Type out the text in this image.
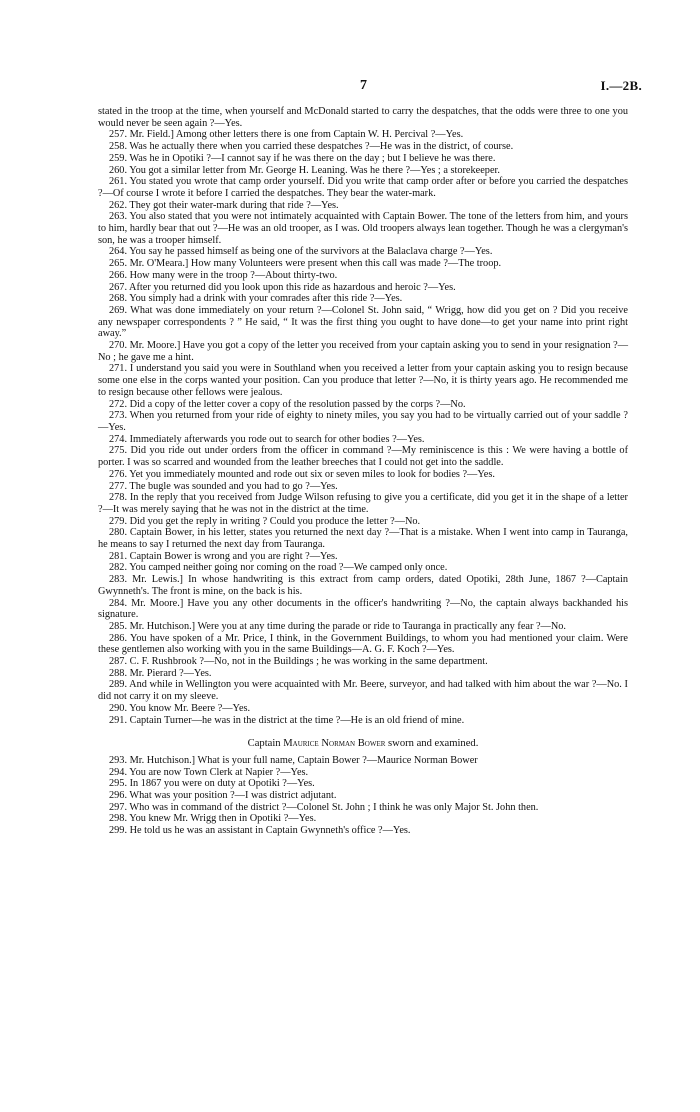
7	I.—2B.

stated in the troop at the time, when yourself and McDonald started to carry the despatches, that the odds were three to one you would never be seen again ?—Yes.

257. Mr. Field.] Among other letters there is one from Captain W. H. Percival ?—Yes.

258. Was he actually there when you carried these despatches ?—He was in the district, of course.

259. Was he in Opotiki ?—I cannot say if he was there on the day ; but I believe he was there.

260. You got a similar letter from Mr. George H. Leaning. Was he there ?—Yes ; a storekeeper.

261. You stated you wrote that camp order yourself. Did you write that camp order after or before you carried the despatches ?—Of course I wrote it before I carried the despatches. They bear the water-mark.

262. They got their water-mark during that ride ?—Yes.

263. You also stated that you were not intimately acquainted with Captain Bower. The tone of the letters from him, and yours to him, hardly bear that out ?—He was an old trooper, as I was. Old troopers always lean together. Though he was a clergyman's son, he was a trooper himself.

264. You say he passed himself as being one of the survivors at the Balaclava charge ?—Yes.

265. Mr. O'Meara.] How many Volunteers were present when this call was made ?—The troop.

266. How many were in the troop ?—About thirty-two.

267. After you returned did you look upon this ride as hazardous and heroic ?—Yes.

268. You simply had a drink with your comrades after this ride ?—Yes.

269. What was done immediately on your return ?—Colonel St. John said, “ Wrigg, how did you get on ? Did you receive any newspaper correspondents ? ” He said, “ It was the first thing you ought to have done—to get your name into print right away.”

270. Mr. Moore.] Have you got a copy of the letter you received from your captain asking you to send in your resignation ?—No ; he gave me a hint.

271. I understand you said you were in Southland when you received a letter from your captain asking you to resign because some one else in the corps wanted your position. Can you produce that letter ?—No, it is thirty years ago. He recommended me to resign because other fellows were jealous.

272. Did a copy of the letter cover a copy of the resolution passed by the corps ?—No.

273. When you returned from your ride of eighty to ninety miles, you say you had to be virtually carried out of your saddle ?—Yes.

274. Immediately afterwards you rode out to search for other bodies ?—Yes.

275. Did you ride out under orders from the officer in command ?—My reminiscence is this : We were having a bottle of porter. I was so scarred and wounded from the leather breeches that I could not get into the saddle.

276. Yet you immediately mounted and rode out six or seven miles to look for bodies ?—Yes.

277. The bugle was sounded and you had to go ?—Yes.

278. In the reply that you received from Judge Wilson refusing to give you a certificate, did you get it in the shape of a letter ?—It was merely saying that he was not in the district at the time.

279. Did you get the reply in writing ? Could you produce the letter ?—No.

280. Captain Bower, in his letter, states you returned the next day ?—That is a mistake. When I went into camp in Tauranga, he means to say I returned the next day from Tauranga.

281. Captain Bower is wrong and you are right ?—Yes.

282. You camped neither going nor coming on the road ?—We camped only once.

283. Mr. Lewis.] In whose handwriting is this extract from camp orders, dated Opotiki, 28th June, 1867 ?—Captain Gwynneth's. The front is mine, on the back is his.

284. Mr. Moore.] Have you any other documents in the officer's handwriting ?—No, the captain always backhanded his signature.

285. Mr. Hutchison.] Were you at any time during the parade or ride to Tauranga in practically any fear ?—No.

286. You have spoken of a Mr. Price, I think, in the Government Buildings, to whom you had mentioned your claim. Were these gentlemen also working with you in the same Buildings—A. G. F. Koch ?—Yes.

287. C. F. Rushbrook ?—No, not in the Buildings ; he was working in the same department.

288. Mr. Pierard ?—Yes.

289. And while in Wellington you were acquainted with Mr. Beere, surveyor, and had talked with him about the war ?—No. I did not carry it on my sleeve.

290. You know Mr. Beere ?—Yes.

291. Captain Turner—he was in the district at the time ?—He is an old friend of mine.

Captain Maurice Norman Bower sworn and examined.

293. Mr. Hutchison.] What is your full name, Captain Bower ?—Maurice Norman Bower

294. You are now Town Clerk at Napier ?—Yes.

295. In 1867 you were on duty at Opotiki ?—Yes.

296. What was your position ?—I was district adjutant.

297. Who was in command of the district ?—Colonel St. John ; I think he was only Major St. John then.

298. You knew Mr. Wrigg then in Opotiki ?—Yes.

299. He told us he was an assistant in Captain Gwynneth's office ?—Yes.
